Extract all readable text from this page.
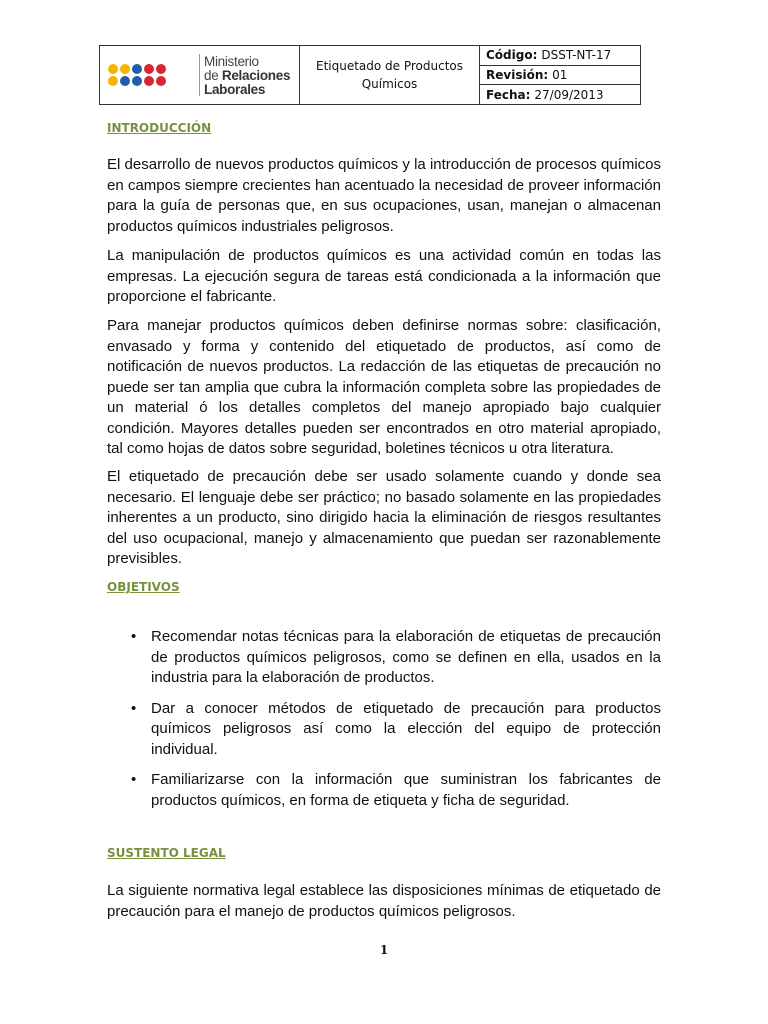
Ministerio
de Relaciones
Laborales
Etiquetado de Productos Químicos
Código: DSST-NT-17
Revisión: 01
Fecha: 27/09/2013
INTRODUCCIÓN

El desarrollo de nuevos productos químicos y la introducción de procesos químicos en campos siempre crecientes han acentuado la necesidad de proveer información para la guía de personas que, en sus ocupaciones, usan, manejan o almacenan productos químicos industriales peligrosos.

La manipulación de productos químicos es una actividad común en todas las empresas. La ejecución segura de tareas está condicionada a la información que proporcione el fabricante.

Para manejar productos químicos deben definirse normas sobre: clasificación, envasado y forma y contenido del etiquetado de productos, así como de notificación de nuevos productos. La redacción de las etiquetas de precaución no puede ser tan amplia que cubra la información completa sobre las propiedades de un material ó los detalles completos del manejo apropiado bajo cualquier condición. Mayores detalles pueden ser encontrados en otro material apropiado, tal como hojas de datos sobre seguridad, boletines técnicos u otra literatura.

El etiquetado de precaución debe ser usado solamente cuando y donde sea necesario. El lenguaje debe ser práctico; no basado solamente en las propiedades inherentes a un producto, sino dirigido hacia la eliminación de riesgos resultantes del uso ocupacional, manejo y almacenamiento que puedan ser razonablemente previsibles.

OBJETIVOS
• Recomendar notas técnicas para la elaboración de etiquetas de precaución de productos químicos peligrosos, como se definen en ella, usados en la industria para la elaboración de productos.
• Dar a conocer métodos de etiquetado de precaución para productos químicos peligrosos así como la elección del equipo de protección individual.
• Familiarizarse con la información que suministran los fabricantes de productos químicos, en forma de etiqueta y ficha de seguridad.
SUSTENTO LEGAL

La siguiente normativa legal establece las disposiciones mínimas de etiquetado de precaución para el manejo de productos químicos peligrosos.

1
